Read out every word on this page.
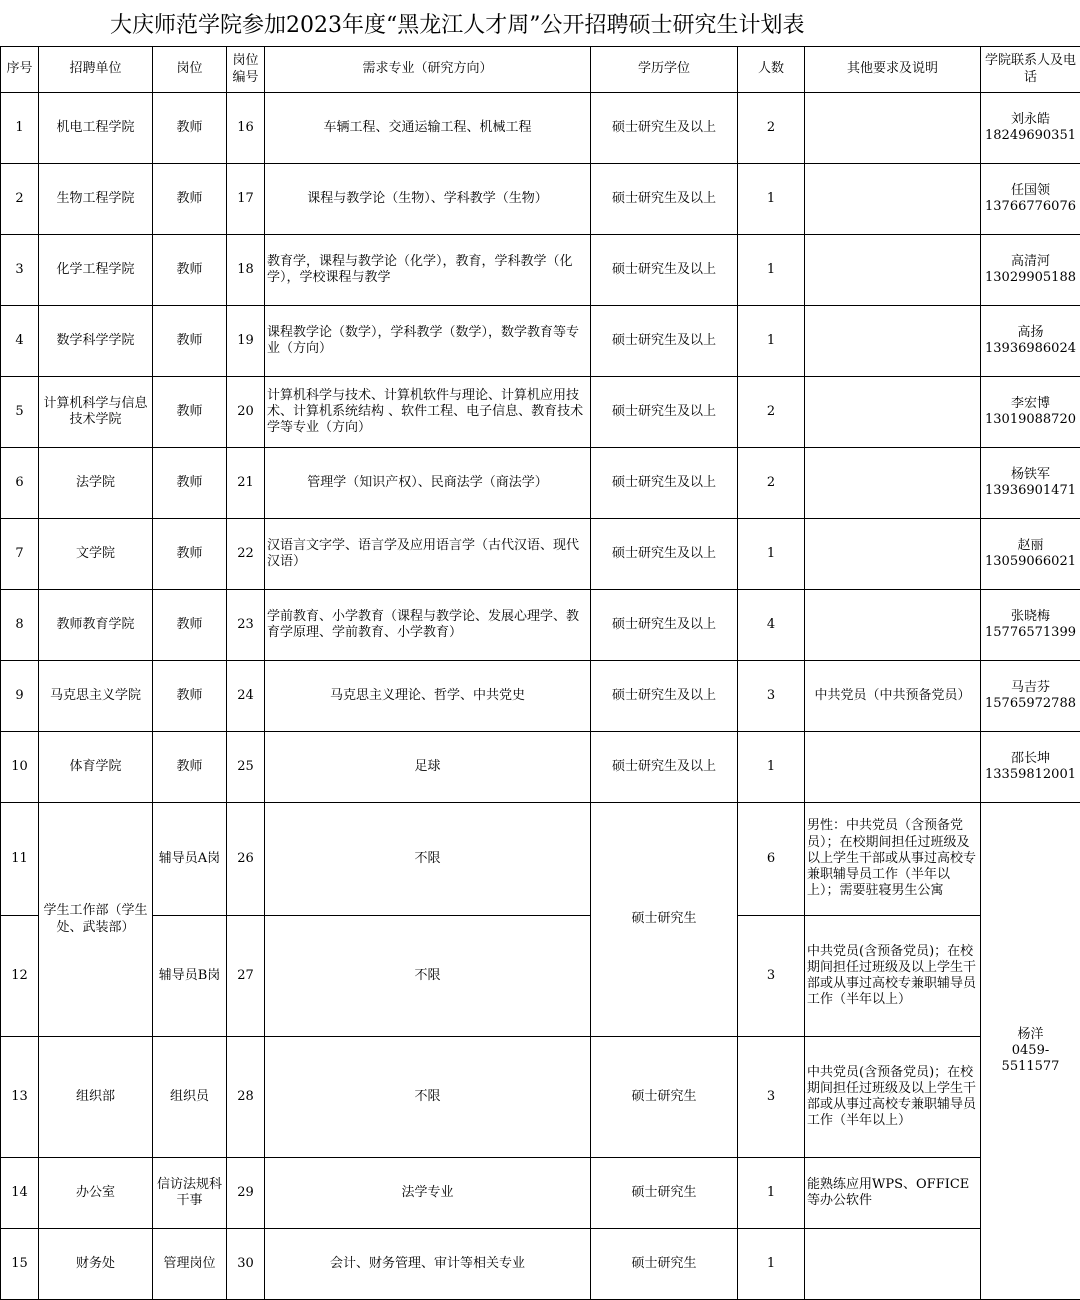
大庆师范学院参加2023年度“黑龙江人才周”公开招聘硕士研究生计划表
序号	招聘单位	岗位	岗位编号	需求专业（研究方向）	学历学位	人数	其他要求及说明	学院联系人及电话
1	机电工程学院	教师	16	车辆工程、交通运输工程、机械工程	硕士研究生及以上	2		刘永皓
18249690351

2	生物工程学院	教师	17	课程与教学论（生物）、学科教学（生物）	硕士研究生及以上	1		任国领
13766776076

3	化学工程学院	教师	18	教育学，课程与教学论（化学），教育，学科教学（化学），学校课程与教学	硕士研究生及以上	1		高清河
13029905188

4	数学科学学院	教师	19	课程教学论（数学），学科教学（数学），数学教育等专业（方向）	硕士研究生及以上	1		高扬
13936986024

5	计算机科学与信息技术学院	教师	20	计算机科学与技术、计算机软件与理论、计算机应用技术、计算机系统结构 、软件工程、电子信息、教育技术学等专业（方向）	硕士研究生及以上	2		李宏博
13019088720

6	法学院	教师	21	管理学（知识产权）、民商法学（商法学）	硕士研究生及以上	2		杨铁军
13936901471

7	文学院	教师	22	汉语言文字学、语言学及应用语言学（古代汉语、现代汉语）	硕士研究生及以上	1		赵丽
13059066021

8	教师教育学院	教师	23	学前教育、小学教育（课程与教学论、发展心理学、教育学原理、学前教育、小学教育）	硕士研究生及以上	4		张晓梅
15776571399

9	马克思主义学院	教师	24	马克思主义理论、哲学、中共党史	硕士研究生及以上	3	中共党员（中共预备党员）	马吉芬
15765972788

10	体育学院	教师	25	足球	硕士研究生及以上	1		邵长坤
13359812001

11	学生工作部（学生处、武装部）	辅导员A岗	26	不限	硕士研究生	6	男性：中共党员（含预备党员）；在校期间担任过班级及以上学生干部或从事过高校专兼职辅导员工作（半年以上）；需要驻寝男生公寓	杨洋
0459-5511577

12		辅导员B岗	27	不限		3	中共党员(含预备党员)；在校期间担任过班级及以上学生干部或从事过高校专兼职辅导员工作（半年以上）	
13	组织部	组织员	28	不限	硕士研究生	3	中共党员(含预备党员)；在校期间担任过班级及以上学生干部或从事过高校专兼职辅导员工作（半年以上）	
14	办公室	信访法规科干事	29	法学专业	硕士研究生	1	能熟练应用WPS、OFFICE等办公软件	
15	财务处	管理岗位	30	会计、财务管理、审计等相关专业	硕士研究生	1		
